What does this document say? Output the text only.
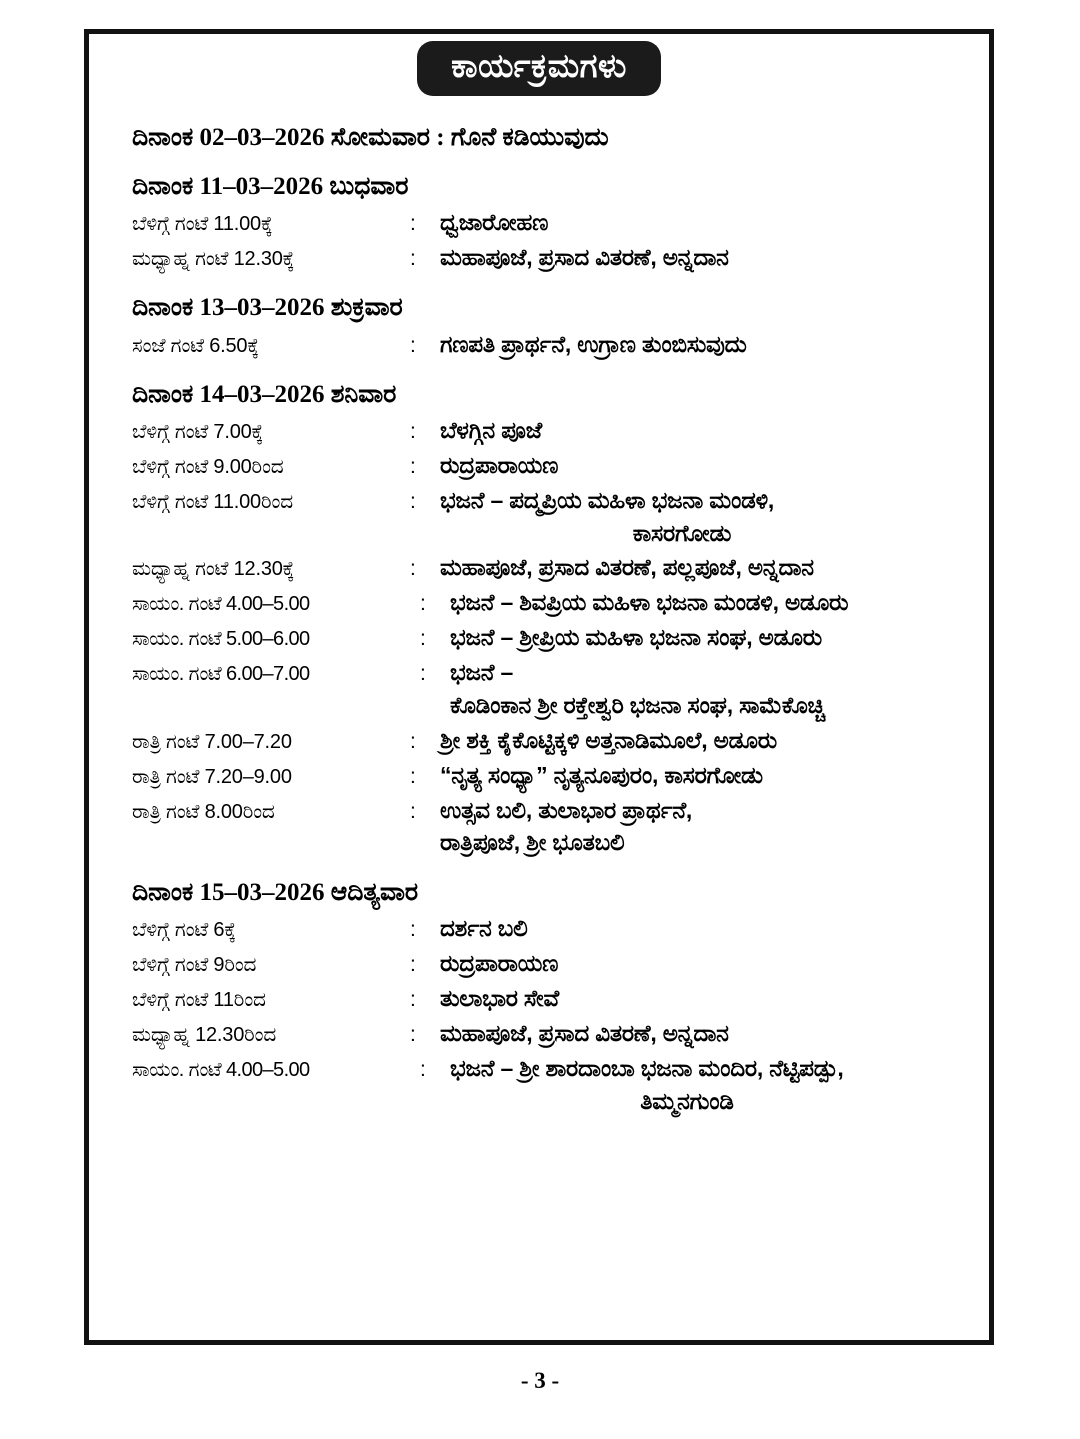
ಕಾರ್ಯಕ್ರಮಗಳು
ದಿನಾಂಕ 02–03–2026 ಸೋಮವಾರ : ಗೊನೆ ಕಡಿಯುವುದು
ದಿನಾಂಕ 11–03–2026 ಬುಧವಾರ
ಬೆಳಿಗ್ಗೆ ಗಂಟೆ 11.00ಕ್ಕೆ	:	ಧ್ವಜಾರೋಹಣ
ಮಧ್ಯಾಹ್ನ ಗಂಟೆ 12.30ಕ್ಕೆ	:	ಮಹಾಪೂಜೆ, ಪ್ರಸಾದ ವಿತರಣೆ, ಅನ್ನದಾನ
ದಿನಾಂಕ 13–03–2026 ಶುಕ್ರವಾರ
ಸಂಜೆ ಗಂಟೆ 6.50ಕ್ಕೆ	:	ಗಣಪತಿ ಪ್ರಾರ್ಥನೆ, ಉಗ್ರಾಣ ತುಂಬಿಸುವುದು
ದಿನಾಂಕ 14–03–2026 ಶನಿವಾರ
ಬೆಳಿಗ್ಗೆ ಗಂಟೆ 7.00ಕ್ಕೆ	:	ಬೆಳಗ್ಗಿನ ಪೂಜೆ
ಬೆಳಿಗ್ಗೆ ಗಂಟೆ 9.00ರಿಂದ	:	ರುದ್ರಪಾರಾಯಣ
ಬೆಳಿಗ್ಗೆ ಗಂಟೆ 11.00ರಿಂದ	:	ಭಜನೆ – ಪದ್ಮಪ್ರಿಯ ಮಹಿಳಾ ಭಜನಾ ಮಂಡಳಿ,
ಕಾಸರಗೋಡು
ಮಧ್ಯಾಹ್ನ ಗಂಟೆ 12.30ಕ್ಕೆ	:	ಮಹಾಪೂಜೆ, ಪ್ರಸಾದ ವಿತರಣೆ, ಪಲ್ಲಪೂಜೆ, ಅನ್ನದಾನ
ಸಾಯಂ. ಗಂಟೆ 4.00–5.00	:	ಭಜನೆ – ಶಿವಪ್ರಿಯ ಮಹಿಳಾ ಭಜನಾ ಮಂಡಳಿ, ಅಡೂರು
ಸಾಯಂ. ಗಂಟೆ 5.00–6.00	:	ಭಜನೆ – ಶ್ರೀಪ್ರಿಯ ಮಹಿಳಾ ಭಜನಾ ಸಂಘ, ಅಡೂರು
ಸಾಯಂ. ಗಂಟೆ 6.00–7.00	:	ಭಜನೆ –
ಕೊಡಿಂಕಾನ ಶ್ರೀ ರಕ್ತೇಶ್ವರಿ ಭಜನಾ ಸಂಘ, ಸಾಮೆಕೊಚ್ಚಿ
ರಾತ್ರಿ ಗಂಟೆ 7.00–7.20	:	ಶ್ರೀ ಶಕ್ತಿ ಕೈಕೊಟ್ಟಿಕ್ಕಳಿ ಅತ್ತನಾಡಿಮೂಲೆ, ಅಡೂರು
ರಾತ್ರಿ ಗಂಟೆ 7.20–9.00	:	“ನೃತ್ಯ ಸಂಧ್ಯಾ” ನೃತ್ಯನೂಪುರಂ, ಕಾಸರಗೋಡು
ರಾತ್ರಿ ಗಂಟೆ 8.00ರಿಂದ	:	ಉತ್ಸವ ಬಲಿ, ತುಲಾಭಾರ ಪ್ರಾರ್ಥನೆ,
ರಾತ್ರಿಪೂಜೆ, ಶ್ರೀ ಭೂತಬಲಿ
ದಿನಾಂಕ 15–03–2026 ಆದಿತ್ಯವಾರ
ಬೆಳಿಗ್ಗೆ ಗಂಟೆ 6ಕ್ಕೆ	:	ದರ್ಶನ ಬಲಿ
ಬೆಳಿಗ್ಗೆ ಗಂಟೆ 9ರಿಂದ	:	ರುದ್ರಪಾರಾಯಣ
ಬೆಳಿಗ್ಗೆ ಗಂಟೆ 11ರಿಂದ	:	ತುಲಾಭಾರ ಸೇವೆ
ಮಧ್ಯಾಹ್ನ 12.30ರಿಂದ	:	ಮಹಾಪೂಜೆ, ಪ್ರಸಾದ ವಿತರಣೆ, ಅನ್ನದಾನ
ಸಾಯಂ. ಗಂಟೆ 4.00–5.00	:	ಭಜನೆ – ಶ್ರೀ ಶಾರದಾಂಬಾ ಭಜನಾ ಮಂದಿರ, ನೆಟ್ಟಿಪಡ್ಪು,
ತಿಮ್ಮನಗುಂಡಿ
- 3 -
